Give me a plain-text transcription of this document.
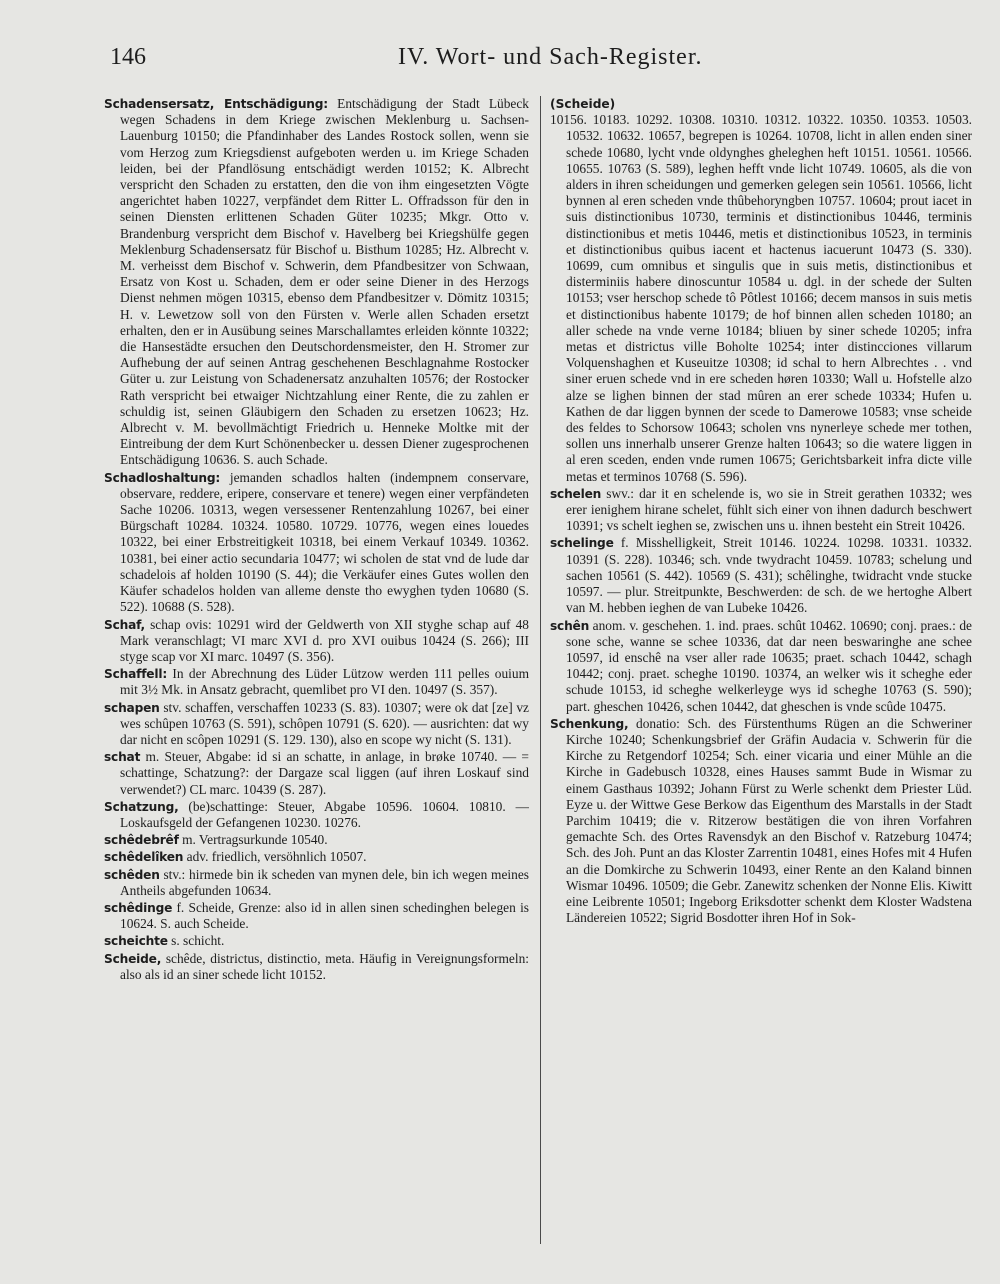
146	IV. Wort- und Sach-Register.

Schadensersatz, Entschädigung: Entschädigung der Stadt Lübeck wegen Schadens in dem Kriege zwischen Meklenburg u. Sachsen-Lauenburg 10150; die Pfandinhaber des Landes Rostock sollen, wenn sie vom Herzog zum Kriegsdienst aufgeboten werden u. im Kriege Schaden leiden, bei der Pfandlösung entschädigt werden 10152; K. Albrecht verspricht den Schaden zu erstatten, den die von ihm eingesetzten Vögte angerichtet haben 10227, verpfändet dem Ritter L. Offradsson für den in seinen Diensten erlittenen Schaden Güter 10235; Mkgr. Otto v. Brandenburg verspricht dem Bischof v. Havelberg bei Kriegshülfe gegen Meklenburg Schadensersatz für Bischof u. Bisthum 10285; Hz. Albrecht v. M. verheisst dem Bischof v. Schwerin, dem Pfandbesitzer von Schwaan, Ersatz von Kost u. Schaden, dem er oder seine Diener in des Herzogs Dienst nehmen mögen 10315, ebenso dem Pfandbesitzer v. Dömitz 10315; H. v. Lewetzow soll von den Fürsten v. Werle allen Schaden ersetzt erhalten, den er in Ausübung seines Marschallamtes erleiden könnte 10322; die Hansestädte ersuchen den Deutschordensmeister, den H. Stromer zur Aufhebung der auf seinen Antrag geschehenen Beschlagnahme Rostocker Güter u. zur Leistung von Schadenersatz anzuhalten 10576; der Rostocker Rath verspricht bei etwaiger Nichtzahlung einer Rente, die zu zahlen er schuldig ist, seinen Gläubigern den Schaden zu ersetzen 10623; Hz. Albrecht v. M. bevollmächtigt Friedrich u. Henneke Moltke mit der Eintreibung der dem Kurt Schönenbecker u. dessen Diener zugesprochenen Entschädigung 10636. S. auch Schade.

Schadloshaltung: jemanden schadlos halten (indempnem conservare, observare, reddere, eripere, conservare et tenere) wegen einer verpfändeten Sache 10206. 10313, wegen versessener Rentenzahlung 10267, bei einer Bürgschaft 10284. 10324. 10580. 10729. 10776, wegen eines louedes 10322, bei einer Erbstreitigkeit 10318, bei einem Verkauf 10349. 10362. 10381, bei einer actio secundaria 10477; wi scholen de stat vnd de lude dar schadelois af holden 10190 (S. 44); die Verkäufer eines Gutes wollen den Käufer schadelos holden van alleme denste tho ewyghen tyden 10680 (S. 522). 10688 (S. 528).

Schaf, schap ovis: 10291 wird der Geldwerth von XII styghe schap auf 48 Mark veranschlagt; VI marc XVI d. pro XVI ouibus 10424 (S. 266); III styge scap vor XI marc. 10497 (S. 356).

Schaffell: In der Abrechnung des Lüder Lützow werden 111 pelles ouium mit 3½ Mk. in Ansatz gebracht, quemlibet pro VI den. 10497 (S. 357).

schapen stv. schaffen, verschaffen 10233 (S. 83). 10307; were ok dat [ze] vz wes schûpen 10763 (S. 591), schôpen 10791 (S. 620). — ausrichten: dat wy dar nicht en scôpen 10291 (S. 129. 130), also en scope wy nicht (S. 131).

schat m. Steuer, Abgabe: id si an schatte, in anlage, in brøke 10740. — = schattinge, Schatzung?: der Dargaze scal liggen (auf ihren Loskauf sind verwendet?) CL marc. 10439 (S. 287).

Schatzung, (be)schattinge: Steuer, Abgabe 10596. 10604. 10810. — Loskaufsgeld der Gefangenen 10230. 10276.

schêdebrêf m. Vertragsurkunde 10540.

schêdelîken adv. friedlich, versöhnlich 10507.

schêden stv.: hirmede bin ik scheden van mynen dele, bin ich wegen meines Antheils abgefunden 10634.

schêdinge f. Scheide, Grenze: also id in allen sinen schedinghen belegen is 10624. S. auch Scheide.

scheichte s. schicht.

Scheide, schêde, districtus, distinctio, meta. Häufig in Vereignungsformeln: also als id an siner schede licht 10152.

(Scheide)

10156. 10183. 10292. 10308. 10310. 10312. 10322. 10350. 10353. 10503. 10532. 10632. 10657, begrepen is 10264. 10708, licht in allen enden siner schede 10680, lycht vnde oldynghes gheleghen heft 10151. 10561. 10566. 10655. 10763 (S. 589), leghen hefft vnde licht 10749. 10605, als die von alders in ihren scheidungen und gemerken gelegen sein 10561. 10566, licht bynnen al eren scheden vnde thûbehoryngben 10757. 10604; prout iacet in suis distinctionibus 10730, terminis et distinctionibus 10446, terminis distinctionibus et metis 10446, metis et distinctionibus 10523, in terminis et distinctionibus quibus iacent et hactenus iacuerunt 10473 (S. 330). 10699, cum omnibus et singulis que in suis metis, distinctionibus et disterminiis habere dinoscuntur 10584 u. dgl. in der schede der Sulten 10153; vser herschop schede tô Pôtlest 10166; decem mansos in suis metis et distinctionibus habente 10179; de hof binnen allen scheden 10180; an aller schede na vnde verne 10184; bliuen by siner schede 10205; infra metas et districtus ville Boholte 10254; inter distincciones villarum Volquenshaghen et Kuseuitze 10308; id schal to hern Albrechtes . . vnd siner eruen schede vnd in ere scheden høren 10330; Wall u. Hofstelle alzo alze se lighen binnen der stad mûren an erer schede 10334; Hufen u. Kathen de dar liggen bynnen der scede to Damerowe 10583; vnse scheide des feldes to Schorsow 10643; scholen vns nynerleye schede mer tothen, sollen uns innerhalb unserer Grenze halten 10643; so die watere liggen in al eren sceden, enden vnde rumen 10675; Gerichtsbarkeit infra dicte ville metas et terminos 10768 (S. 596).

schelen swv.: dar it en schelende is, wo sie in Streit gerathen 10332; wes erer ienighem hirane schelet, fühlt sich einer von ihnen dadurch beschwert 10391; vs schelt ieghen se, zwischen uns u. ihnen besteht ein Streit 10426.

schelinge f. Misshelligkeit, Streit 10146. 10224. 10298. 10331. 10332. 10391 (S. 228). 10346; sch. vnde twydracht 10459. 10783; schelung und sachen 10561 (S. 442). 10569 (S. 431); schêlinghe, twidracht vnde stucke 10597. — plur. Streitpunkte, Beschwerden: de sch. de we hertoghe Albert van M. hebben ieghen de van Lubeke 10426.

schên anom. v. geschehen. 1. ind. praes. schût 10462. 10690; conj. praes.: de sone sche, wanne se schee 10336, dat dar neen beswaringhe ane schee 10597, id enschê na vser aller rade 10635; praet. schach 10442, schagh 10442; conj. praet. scheghe 10190. 10374, an welker wis it scheghe eder schude 10153, id scheghe welkerleyge wys id scheghe 10763 (S. 590); part. gheschen 10426, schen 10442, dat gheschen is vnde scûde 10475.

Schenkung, donatio: Sch. des Fürstenthums Rügen an die Schweriner Kirche 10240; Schenkungsbrief der Gräfin Audacia v. Schwerin für die Kirche zu Retgendorf 10254; Sch. einer vicaria und einer Mühle an die Kirche in Gadebusch 10328, eines Hauses sammt Bude in Wismar zu einem Gasthaus 10392; Johann Fürst zu Werle schenkt dem Priester Lüd. Eyze u. der Wittwe Gese Berkow das Eigenthum des Marstalls in der Stadt Parchim 10419; die v. Ritzerow bestätigen die von ihren Vorfahren gemachte Sch. des Ortes Ravensdyk an den Bischof v. Ratzeburg 10474; Sch. des Joh. Punt an das Kloster Zarrentin 10481, eines Hofes mit 4 Hufen an die Domkirche zu Schwerin 10493, einer Rente an den Kaland binnen Wismar 10496. 10509; die Gebr. Zanewitz schenken der Nonne Elis. Kiwitt eine Leibrente 10501; Ingeborg Eriksdotter schenkt dem Kloster Wadstena Ländereien 10522; Sigrid Bosdotter ihren Hof in Sok-
